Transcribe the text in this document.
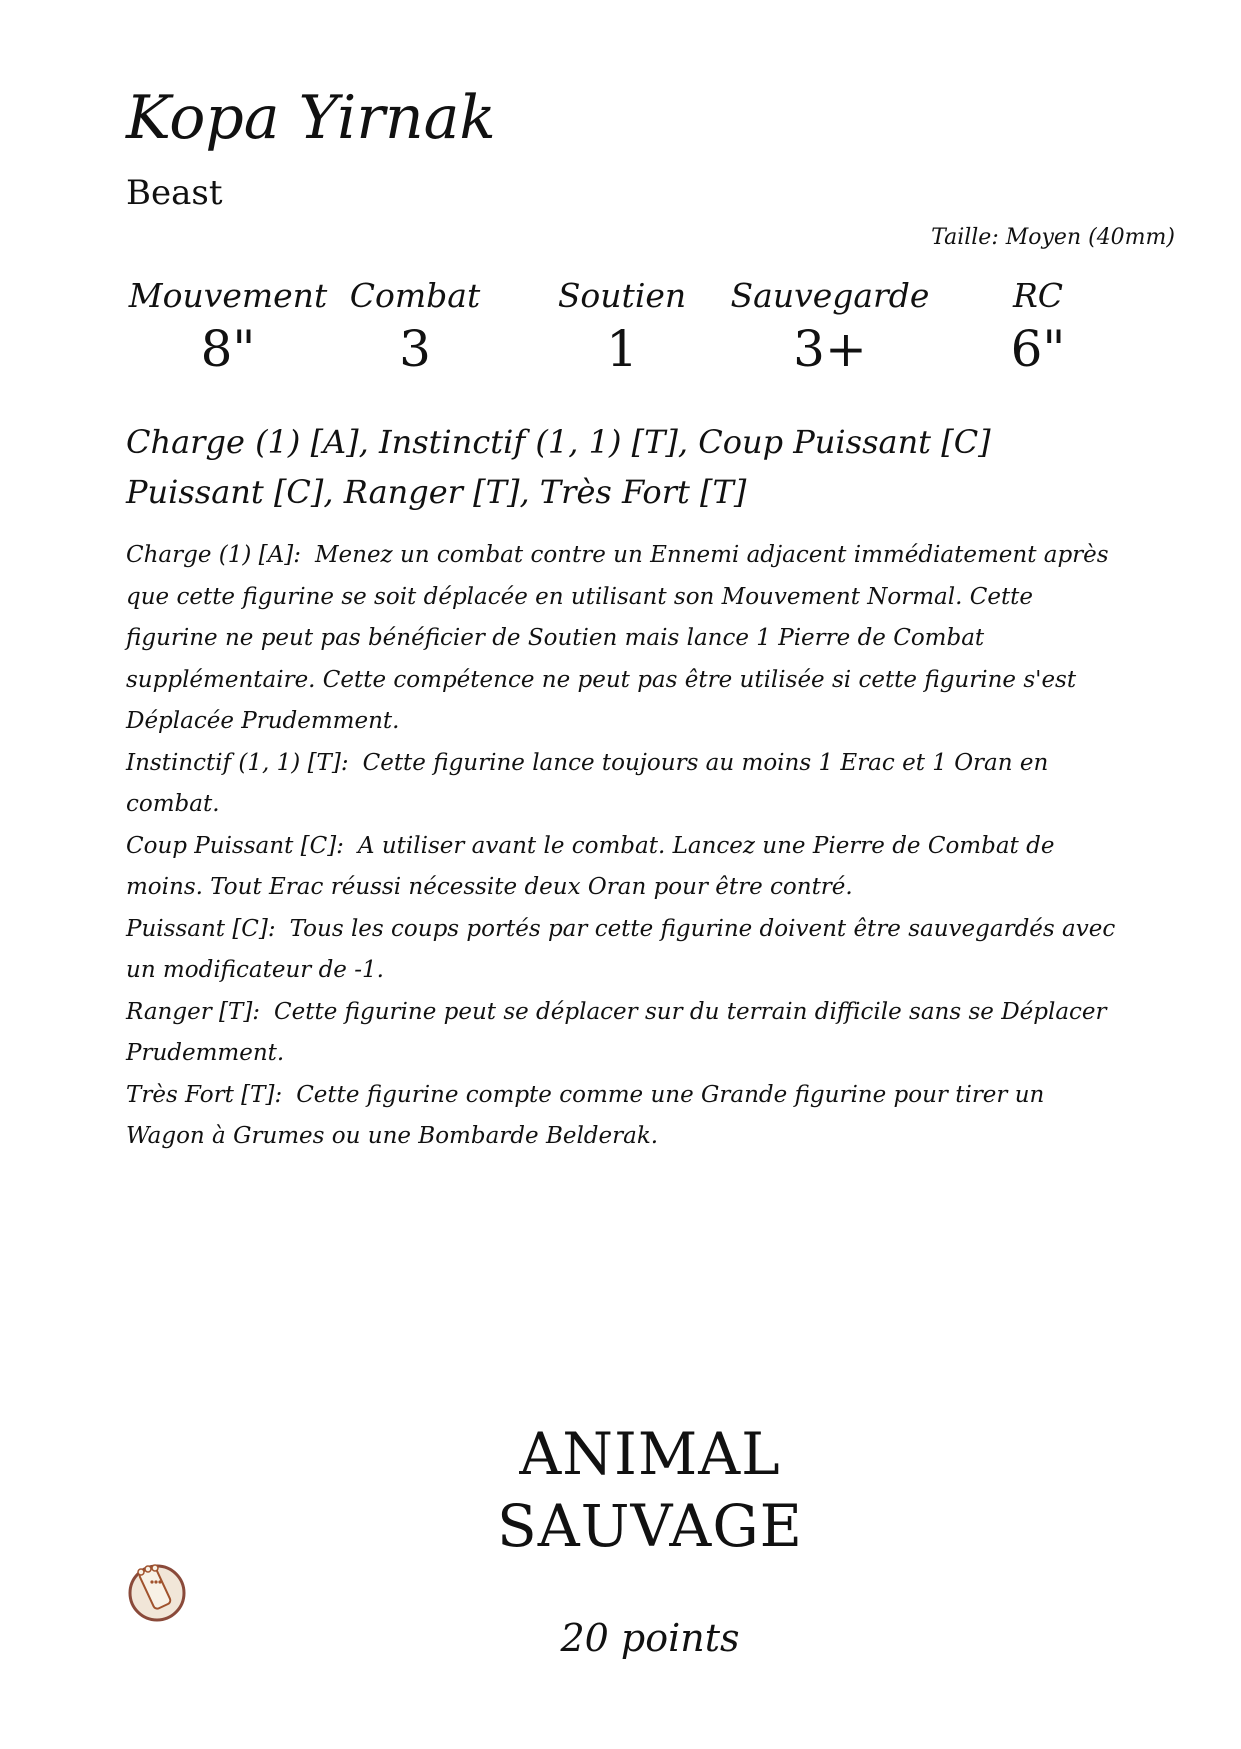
Kopa Yirnak
Beast
Taille: Moyen (40mm)
Mouvement
8"
Combat
3
Soutien
1
Sauvegarde
3+
RC
6"
Charge (1) [A], Instinctif (1, 1) [T], Coup Puissant [C]
Puissant [C], Ranger [T], Très Fort [T]
Charge (1) [A]: Menez un combat contre un Ennemi adjacent immédiatement après que cette figurine se soit déplacée en utilisant son Mouvement Normal. Cette figurine ne peut pas bénéficier de Soutien mais lance 1 Pierre de Combat supplémentaire. Cette compétence ne peut pas être utilisée si cette figurine s'est Déplacée Prudemment.
Instinctif (1, 1) [T]: Cette figurine lance toujours au moins 1 Erac et 1 Oran en combat.
Coup Puissant [C]: A utiliser avant le combat. Lancez une Pierre de Combat de moins. Tout Erac réussi nécessite deux Oran pour être contré.
Puissant [C]: Tous les coups portés par cette figurine doivent être sauvegardés avec un modificateur de -1.
Ranger [T]: Cette figurine peut se déplacer sur du terrain difficile sans se Déplacer Prudemment.
Très Fort [T]: Cette figurine compte comme une Grande figurine pour tirer un Wagon à Grumes ou une Bombarde Belderak.
ANIMAL
SAUVAGE
20 points
